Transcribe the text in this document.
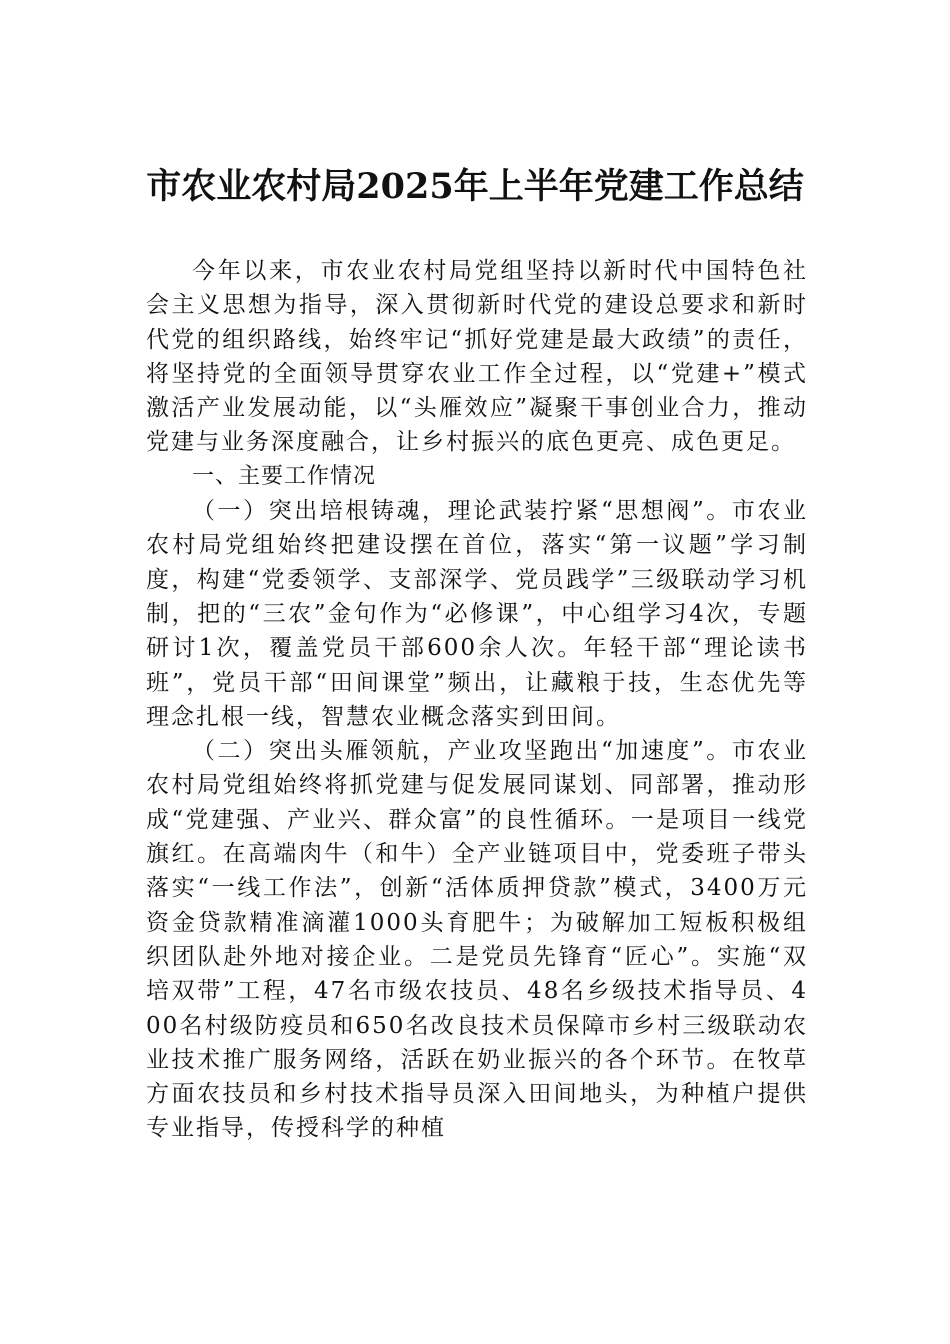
市农业农村局2025年上半年党建工作总结

今年以来，市农业农村局党组坚持以新时代中国特色社会主义思想为指导，深入贯彻新时代党的建设总要求和新时代党的组织路线，始终牢记“抓好党建是最大政绩”的责任，将坚持党的全面领导贯穿农业工作全过程，以“党建+”模式激活产业发展动能，以“头雁效应”凝聚干事创业合力，推动党建与业务深度融合，让乡村振兴的底色更亮、成色更足。

一、主要工作情况

（一）突出培根铸魂，理论武装拧紧“思想阀”。市农业农村局党组始终把建设摆在首位，落实“第一议题”学习制度，构建“党委领学、支部深学、党员践学”三级联动学习机制，把的“三农”金句作为“必修课”，中心组学习4次，专题研讨1次，覆盖党员干部600余人次。年轻干部“理论读书班”，党员干部“田间课堂”频出，让藏粮于技，生态优先等理念扎根一线，智慧农业概念落实到田间。

（二）突出头雁领航，产业攻坚跑出“加速度”。市农业农村局党组始终将抓党建与促发展同谋划、同部署，推动形成“党建强、产业兴、群众富”的良性循环。一是项目一线党旗红。在高端肉牛（和牛）全产业链项目中，党委班子带头落实“一线工作法”，创新“活体质押贷款”模式，3400万元资金贷款精准滴灌1000头育肥牛；为破解加工短板积极组织团队赴外地对接企业。二是党员先锋育“匠心”。实施“双培双带”工程，47名市级农技员、48名乡级技术指导员、400名村级防疫员和650名改良技术员保障市乡村三级联动农业技术推广服务网络，活跃在奶业振兴的各个环节。在牧草方面农技员和乡村技术指导员深入田间地头，为种植户提供专业指导，传授科学的种植
